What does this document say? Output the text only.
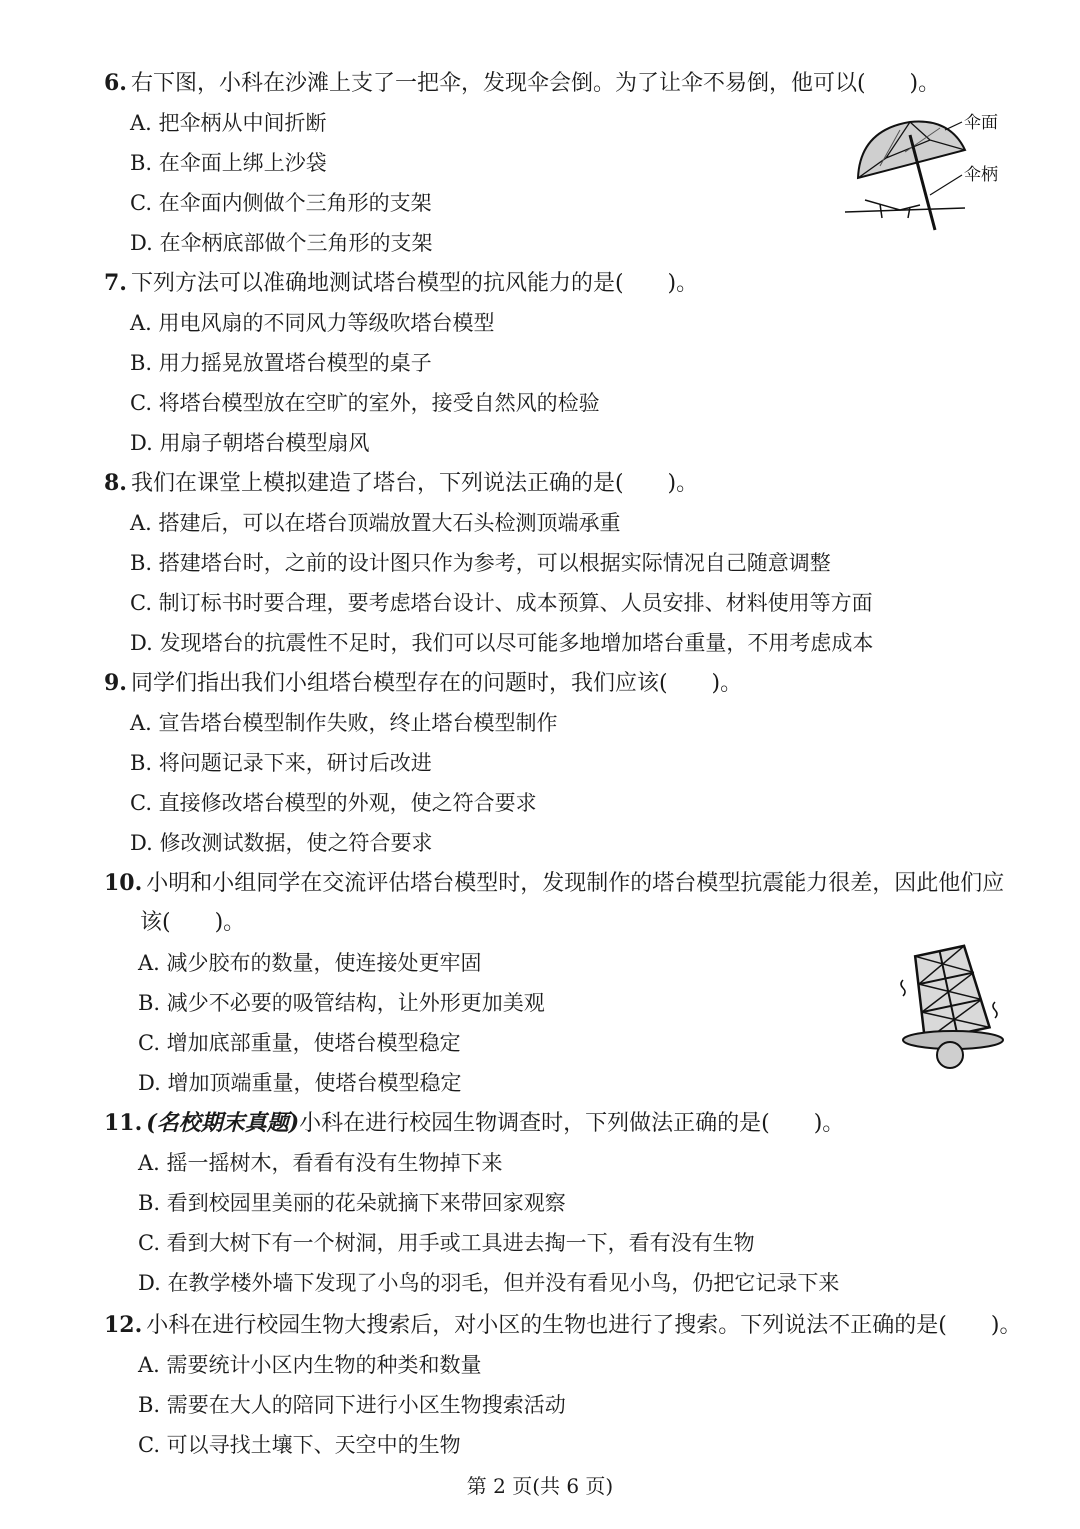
6. 右下图，小科在沙滩上支了一把伞，发现伞会倒。为了让伞不易倒，他可以(　　)。
A. 把伞柄从中间折断
B. 在伞面上绑上沙袋
C. 在伞面内侧做个三角形的支架
D. 在伞柄底部做个三角形的支架
伞面
伞柄
7. 下列方法可以准确地测试塔台模型的抗风能力的是(　　)。
A. 用电风扇的不同风力等级吹塔台模型
B. 用力摇晃放置塔台模型的桌子
C. 将塔台模型放在空旷的室外，接受自然风的检验
D. 用扇子朝塔台模型扇风
8. 我们在课堂上模拟建造了塔台，下列说法正确的是(　　)。
A. 搭建后，可以在塔台顶端放置大石头检测顶端承重
B. 搭建塔台时，之前的设计图只作为参考，可以根据实际情况自己随意调整
C. 制订标书时要合理，要考虑塔台设计、成本预算、人员安排、材料使用等方面
D. 发现塔台的抗震性不足时，我们可以尽可能多地增加塔台重量，不用考虑成本
9. 同学们指出我们小组塔台模型存在的问题时，我们应该(　　)。
A. 宣告塔台模型制作失败，终止塔台模型制作
B. 将问题记录下来，研讨后改进
C. 直接修改塔台模型的外观，使之符合要求
D. 修改测试数据，使之符合要求
10. 小明和小组同学在交流评估塔台模型时，发现制作的塔台模型抗震能力很差，因此他们应
该(　　)。
A. 减少胶布的数量，使连接处更牢固
B. 减少不必要的吸管结构，让外形更加美观
C. 增加底部重量，使塔台模型稳定
D. 增加顶端重量，使塔台模型稳定
11. (名校期末真题)小科在进行校园生物调查时，下列做法正确的是(　　)。
A. 摇一摇树木，看看有没有生物掉下来
B. 看到校园里美丽的花朵就摘下来带回家观察
C. 看到大树下有一个树洞，用手或工具进去掏一下，看有没有生物
D. 在教学楼外墙下发现了小鸟的羽毛，但并没有看见小鸟，仍把它记录下来
12. 小科在进行校园生物大搜索后，对小区的生物也进行了搜索。下列说法不正确的是(　　)。
A. 需要统计小区内生物的种类和数量
B. 需要在大人的陪同下进行小区生物搜索活动
C. 可以寻找土壤下、天空中的生物
第 2 页(共 6 页)
